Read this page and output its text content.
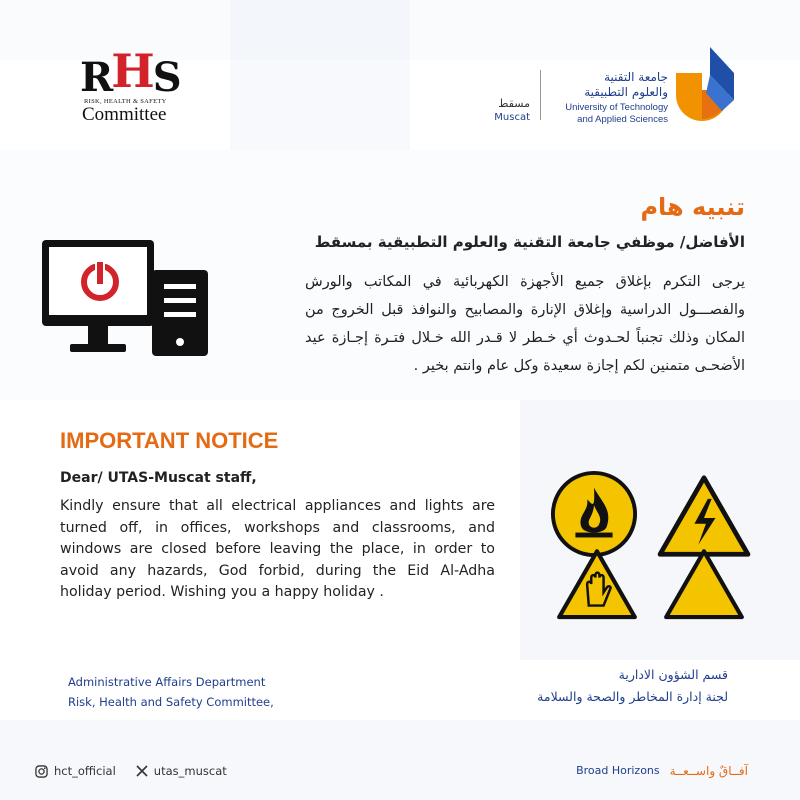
RHS
RISK, HEALTH & SAFETY
Committee
مسقط
Muscat
جامعة التقنية
والعلوم التطبيقية
University of Technology
and Applied Sciences
تنبيه هام
الأفاضل/ موظفي جامعة التقنية والعلوم التطبيقية بمسقط
يرجى التكرم بإغلاق جميع الأجهزة الكهربائية في المكاتب والورش والفصـــول الدراسية وإغلاق الإنارة والمصابيح والنوافذ قبل الخروج من المكان وذلك تجنباً لحـدوث أي خـطر لا قـدر الله خـلال فتـرة إجـازة عيد الأضحـى متمنين لكم إجازة سعيدة وكل عام وانتم بخير .
IMPORTANT NOTICE
Dear/ UTAS-Muscat staff,
Kindly ensure that all electrical appliances and lights are turned off, in offices, workshops and classrooms, and windows are closed before leaving the place, in order to avoid any hazards, God forbid, during the Eid Al-Adha holiday period. Wishing you a happy holiday .
Administrative Affairs Department
Risk, Health and Safety Committee,
قسم الشؤون الادارية
لجنة إدارة المخاطر والصحة والسلامة
hct_official	utas_muscat	Broad Horizons آفــاقٌ واســعــة
